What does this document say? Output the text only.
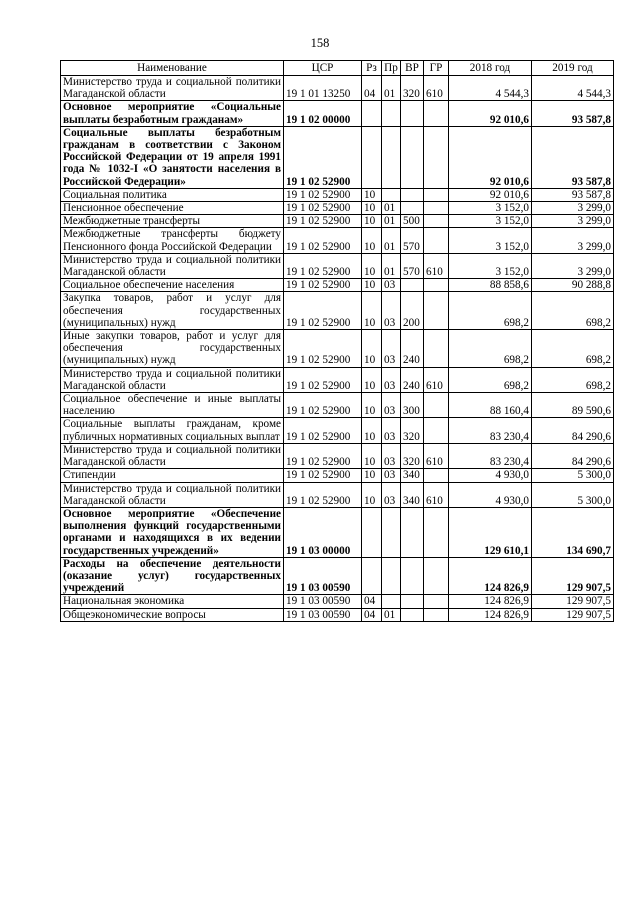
158
Наименование	ЦСР	Рз	Пр	ВР	ГР	2018 год	2019 год
Министерство труда и социальной политики Магаданской области	19 1 01 13250	04	01	320	610	4 544,3	4 544,3
Основное мероприятие «Социальные выплаты безработным гражданам»	19 1 02 00000					92 010,6	93 587,8
Социальные выплаты безработным гражданам в соответствии с Законом Российской Федерации от 19 апреля 1991 года № 1032-I «О занятости населения в Российской Федерации»	19 1 02 52900					92 010,6	93 587,8
Социальная политика	19 1 02 52900	10				92 010,6	93 587,8
Пенсионное обеспечение	19 1 02 52900	10	01			3 152,0	3 299,0
Межбюджетные трансферты	19 1 02 52900	10	01	500		3 152,0	3 299,0
Межбюджетные трансферты бюджету Пенсионного фонда Российской Федерации	19 1 02 52900	10	01	570		3 152,0	3 299,0
Министерство труда и социальной политики Магаданской области	19 1 02 52900	10	01	570	610	3 152,0	3 299,0
Социальное обеспечение населения	19 1 02 52900	10	03			88 858,6	90 288,8
Закупка товаров, работ и услуг для обеспечения государственных (муниципальных) нужд	19 1 02 52900	10	03	200		698,2	698,2
Иные закупки товаров, работ и услуг для обеспечения государственных (муниципальных) нужд	19 1 02 52900	10	03	240		698,2	698,2
Министерство труда и социальной политики Магаданской области	19 1 02 52900	10	03	240	610	698,2	698,2
Социальное обеспечение и иные выплаты населению	19 1 02 52900	10	03	300		88 160,4	89 590,6
Социальные выплаты гражданам, кроме публичных нормативных социальных выплат	19 1 02 52900	10	03	320		83 230,4	84 290,6
Министерство труда и социальной политики Магаданской области	19 1 02 52900	10	03	320	610	83 230,4	84 290,6
Стипендии	19 1 02 52900	10	03	340		4 930,0	5 300,0
Министерство труда и социальной политики Магаданской области	19 1 02 52900	10	03	340	610	4 930,0	5 300,0
Основное мероприятие «Обеспечение выполнения функций государственными органами и находящихся в их ведении государственных учреждений»	19 1 03 00000					129 610,1	134 690,7
Расходы на обеспечение деятельности (оказание услуг) государственных учреждений	19 1 03 00590					124 826,9	129 907,5
Национальная экономика	19 1 03 00590	04				124 826,9	129 907,5
Общеэкономические вопросы	19 1 03 00590	04	01			124 826,9	129 907,5
